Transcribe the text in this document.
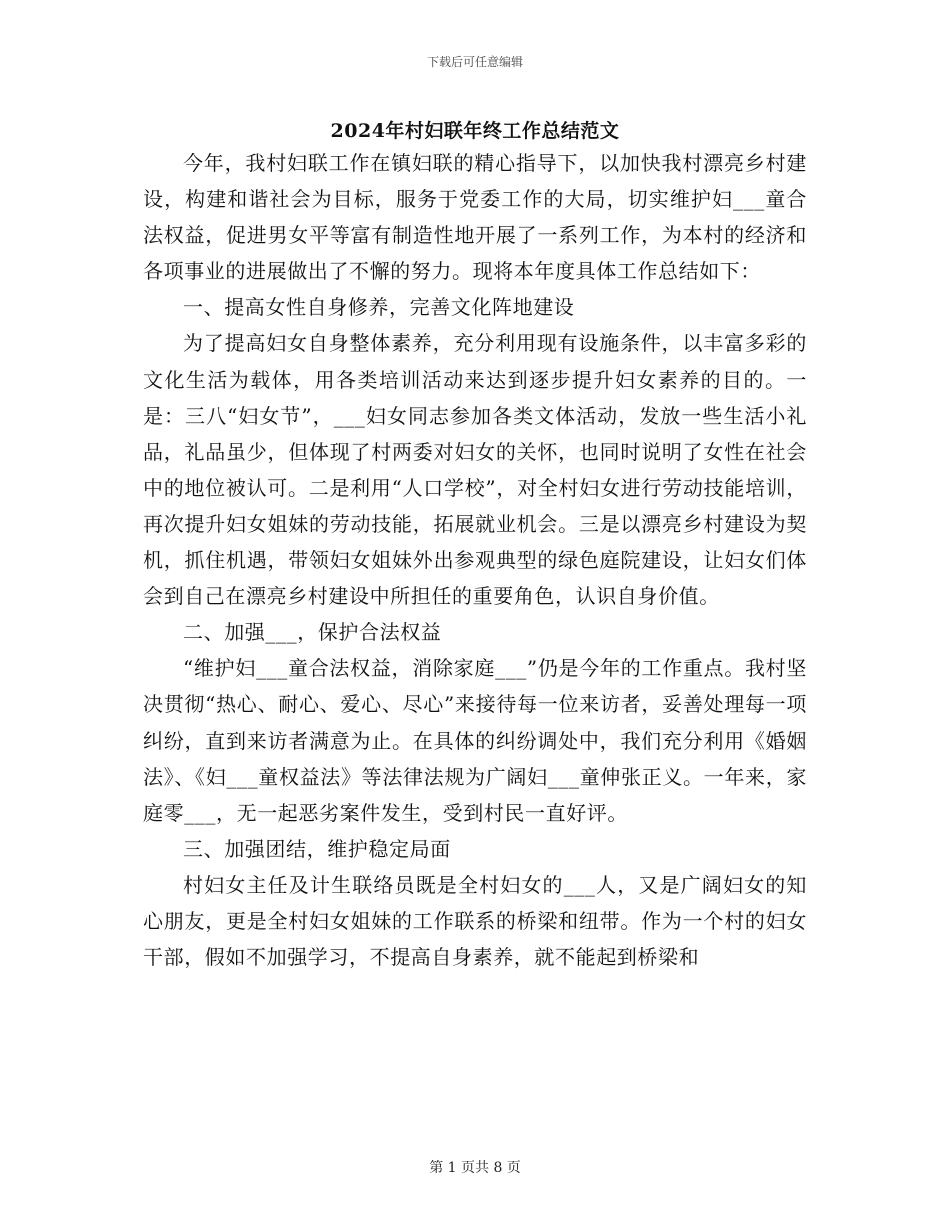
下载后可任意编辑
2024年村妇联年终工作总结范文

今年，我村妇联工作在镇妇联的精心指导下，以加快我村漂亮乡村建设，构建和谐社会为目标，服务于党委工作的大局，切实维护妇___童合法权益，促进男女平等富有制造性地开展了一系列工作，为本村的经济和各项事业的进展做出了不懈的努力。现将本年度具体工作总结如下：

一、提高女性自身修养，完善文化阵地建设

为了提高妇女自身整体素养，充分利用现有设施条件，以丰富多彩的文化生活为载体，用各类培训活动来达到逐步提升妇女素养的目的。一是：三八“妇女节”，___妇女同志参加各类文体活动，发放一些生活小礼品，礼品虽少，但体现了村两委对妇女的关怀，也同时说明了女性在社会中的地位被认可。二是利用“人口学校”，对全村妇女进行劳动技能培训，再次提升妇女姐妹的劳动技能，拓展就业机会。三是以漂亮乡村建设为契机，抓住机遇，带领妇女姐妹外出参观典型的绿色庭院建设，让妇女们体会到自己在漂亮乡村建设中所担任的重要角色，认识自身价值。

二、加强___，保护合法权益

“维护妇___童合法权益，消除家庭___”仍是今年的工作重点。我村坚决贯彻“热心、耐心、爱心、尽心”来接待每一位来访者，妥善处理每一项纠纷，直到来访者满意为止。在具体的纠纷调处中，我们充分利用《婚姻法》、《妇___童权益法》等法律法规为广阔妇___童伸张正义。一年来，家庭零___，无一起恶劣案件发生，受到村民一直好评。

三、加强团结，维护稳定局面

村妇女主任及计生联络员既是全村妇女的___人，又是广阔妇女的知心朋友，更是全村妇女姐妹的工作联系的桥梁和纽带。作为一个村的妇女干部，假如不加强学习，不提高自身素养，就不能起到桥梁和

第 1 页共 8 页
